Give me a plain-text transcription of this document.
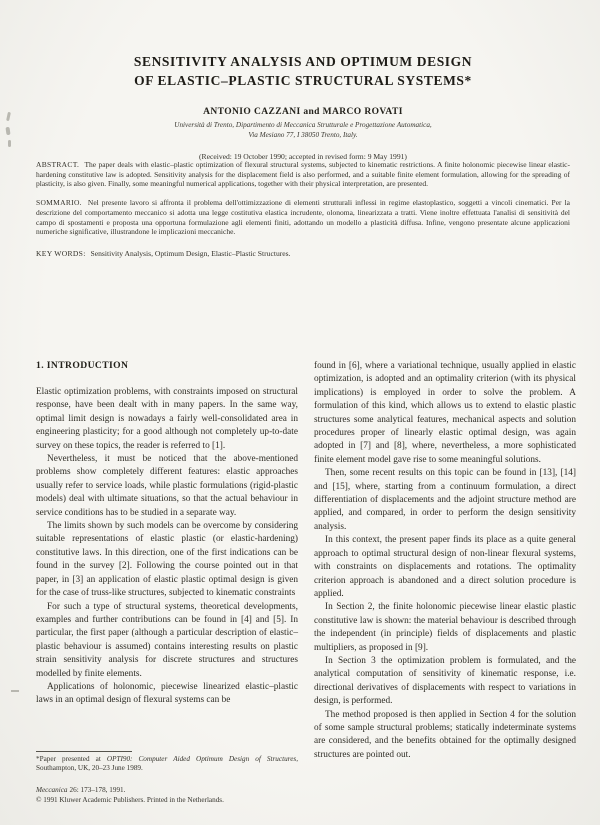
SENSITIVITY ANALYSIS AND OPTIMUM DESIGN
OF ELASTIC–PLASTIC STRUCTURAL SYSTEMS*
ANTONIO CAZZANI and MARCO ROVATI
Università di Trento, Dipartimento di Meccanica Strutturale e Progettazione Automatica,
Via Mesiano 77, I 38050 Trento, Italy.
(Received: 19 October 1990; accepted in revised form: 9 May 1991)

ABSTRACT. The paper deals with elastic–plastic optimization of flexural structural systems, subjected to kinematic restrictions. A finite holonomic piecewise linear elastic-hardening constitutive law is adopted. Sensitivity analysis for the displacement field is also performed, and a suitable finite element formulation, allowing for the spreading of plasticity, is also given. Finally, some meaningful numerical applications, together with their physical interpretation, are presented.

SOMMARIO. Nel presente lavoro si affronta il problema dell'ottimizzazione di elementi strutturali inflessi in regime elastoplastico, soggetti a vincoli cinematici. Per la descrizione del comportamento meccanico si adotta una legge costitutiva elastica incrudente, olonoma, linearizzata a tratti. Viene inoltre effettuata l'analisi di sensitività del campo di spostamenti e proposta una opportuna formulazione agli elementi finiti, adottando un modello a plasticità diffusa. Infine, vengono presentate alcune applicazioni numeriche significative, illustrandone le implicazioni meccaniche.

KEY WORDS: Sensitivity Analysis, Optimum Design, Elastic–Plastic Structures.

1. INTRODUCTION

Elastic optimization problems, with constraints imposed on structural response, have been dealt with in many papers. In the same way, optimal limit design is nowadays a fairly well-consolidated area in engineering plasticity; for a good although not completely up-to-date survey on these topics, the reader is referred to [1].

Nevertheless, it must be noticed that the above-mentioned problems show completely different features: elastic approaches usually refer to service loads, while plastic formulations (rigid-plastic models) deal with ultimate situations, so that the actual behaviour in service conditions has to be studied in a separate way.

The limits shown by such models can be overcome by considering suitable representations of elastic plastic (or elastic-hardening) constitutive laws. In this direction, one of the first indications can be found in the survey [2]. Following the course pointed out in that paper, in [3] an application of elastic plastic optimal design is given for the case of truss-like structures, subjected to kinematic constraints

For such a type of structural systems, theoretical developments, examples and further contributions can be found in [4] and [5]. In particular, the first paper (although a particular description of elastic–plastic behaviour is assumed) contains interesting results on plastic strain sensitivity analysis for discrete structures and structures modelled by finite elements.

Applications of holonomic, piecewise linearized elastic–plastic laws in an optimal design of flexural systems can be

found in [6], where a variational technique, usually applied in elastic optimization, is adopted and an optimality criterion (with its physical implications) is employed in order to solve the problem. A formulation of this kind, which allows us to extend to elastic plastic structures some analytical features, mechanical aspects and solution procedures proper of linearly elastic optimal design, was again adopted in [7] and [8], where, nevertheless, a more sophisticated finite element model gave rise to some meaningful solutions.

Then, some recent results on this topic can be found in [13], [14] and [15], where, starting from a continuum formulation, a direct differentiation of displacements and the adjoint structure method are applied, and compared, in order to perform the design sensitivity analysis.

In this context, the present paper finds its place as a quite general approach to optimal structural design of non-linear flexural systems, with constraints on displacements and rotations. The optimality criterion approach is abandoned and a direct solution procedure is applied.

In Section 2, the finite holonomic piecewise linear elastic plastic constitutive law is shown: the material behaviour is described through the independent (in principle) fields of displacements and plastic multipliers, as proposed in [9].

In Section 3 the optimization problem is formulated, and the analytical computation of sensitivity of kinematic response, i.e. directional derivatives of displacements with respect to variations in design, is performed.

The method proposed is then applied in Section 4 for the solution of some sample structural problems; statically indeterminate systems are considered, and the benefits obtained for the optimally designed structures are pointed out.

*Paper presented at OPTI90: Computer Aided Optimum Design of Structures, Southampton, UK, 20–23 June 1989.
Meccanica 26: 173–178, 1991.
© 1991 Kluwer Academic Publishers. Printed in the Netherlands.
